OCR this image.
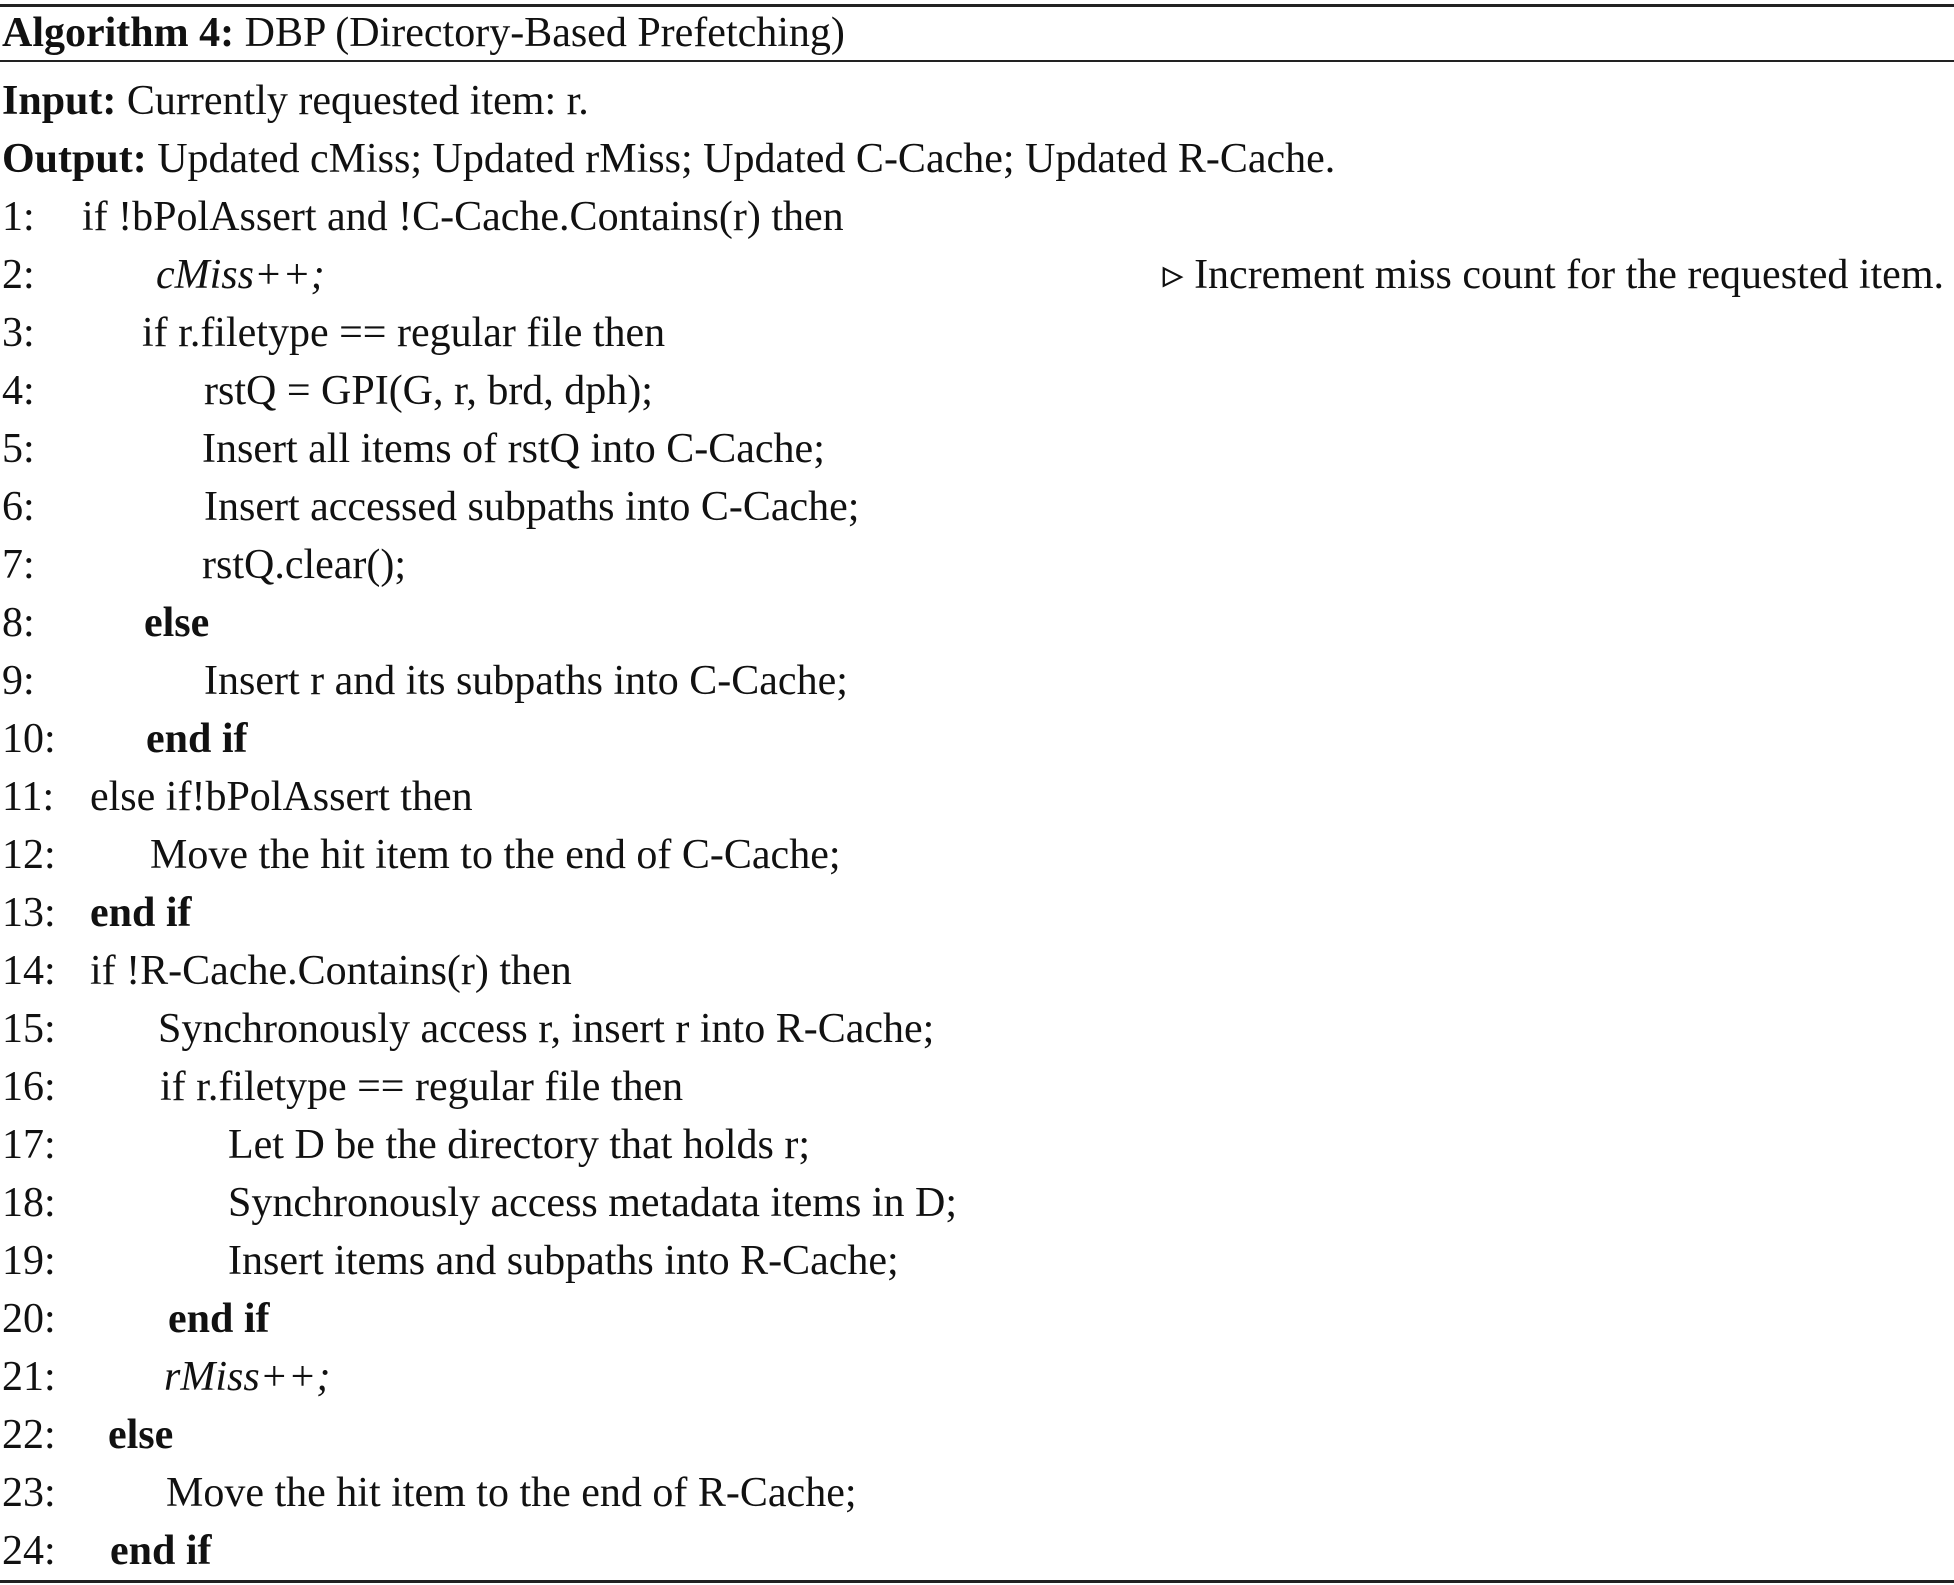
Algorithm 4: DBP (Directory-Based Prefetching)
Input: Currently requested item: r.
Output: Updated cMiss; Updated rMiss; Updated C-Cache; Updated R-Cache.
1: if !bPolAssert and !C-Cache.Contains(r) then
2:	cMiss++;	▹ Increment miss count for the requested item.
3:	if r.filetype == regular file then
4:	rstQ = GPI(G, r, brd, dph);
5:	Insert all items of rstQ into C-Cache;
6:	Insert accessed subpaths into C-Cache;
7:	rstQ.clear();
8:	else
9:	Insert r and its subpaths into C-Cache;
10: end if
11: else if!bPolAssert then
12: Move the hit item to the end of C-Cache;
13: end if
14: if !R-Cache.Contains(r) then
15: Synchronously access r, insert r into R-Cache;
16: if r.filetype == regular file then
17:	Let D be the directory that holds r;
18:	Synchronously access metadata items in D;
19:	Insert items and subpaths into R-Cache;
20:	end if
21:	rMiss++;
22: else
23:	Move the hit item to the end of R-Cache;
24: end if
